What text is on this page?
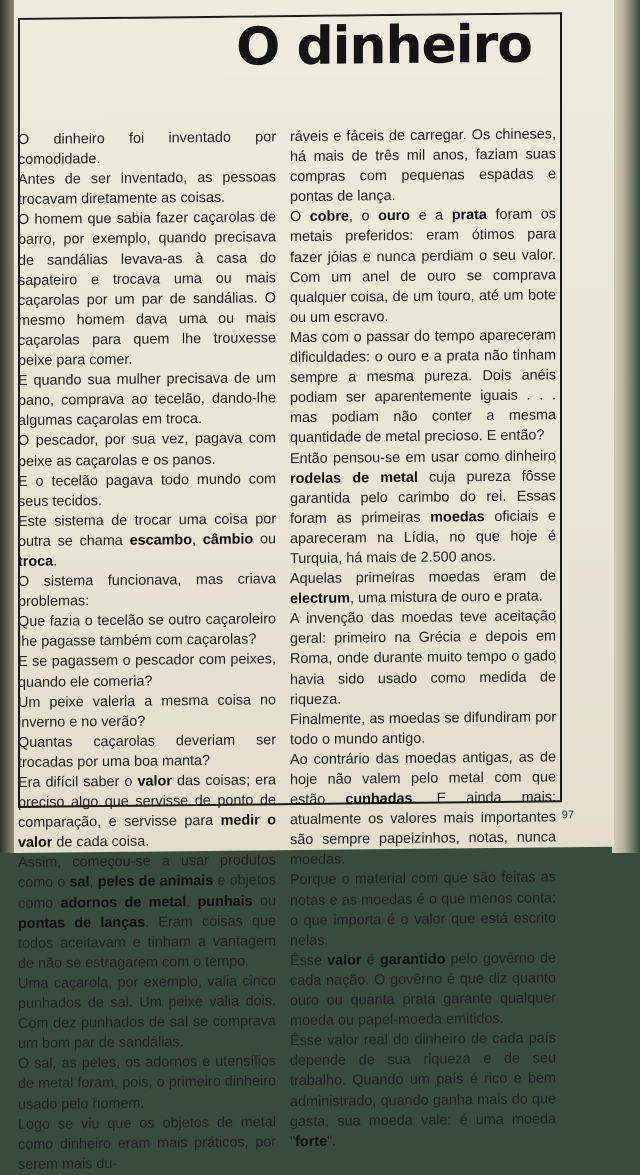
O dinheiro

O dinheiro foi inventado por comodidade.

Antes de ser inventado, as pessoas trocavam diretamente as coisas.

O homem que sabia fazer caçarolas de barro, por exemplo, quando precisava de sandálias levava-as à casa do sapateiro e trocava uma ou mais caçarolas por um par de sandálias. O mesmo homem dava uma ou mais caçarolas para quem lhe trouxesse peixe para comer.

E quando sua mulher precisava de um pano, comprava ao tecelão, dando-lhe algumas caçarolas em troca.

O pescador, por sua vez, pagava com peixe as caçarolas e os panos.

E o tecelão pagava todo mundo com seus tecidos.

Este sistema de trocar uma coisa por outra se chama escambo, câmbio ou troca.

O sistema funcionava, mas criava problemas:

Que fazia o tecelão se outro caçaroleiro lhe pagasse também com caçarolas?

E se pagassem o pescador com peixes, quando ele comeria?

Um peixe valeria a mesma coisa no inverno e no verão?

Quantas caçarolas deveriam ser trocadas por uma boa manta?

Era difícil saber o valor das coisas; era preciso algo que servisse de ponto de comparação, e servisse para medir o valor de cada coisa.

Assim, começou-se a usar produtos como o sal, peles de animais e objetos como adornos de metal, punhais ou pontas de lanças. Eram coisas que todos aceitavam e tinham a vantagem de não se estragarem com o tempo.

Uma caçarola, por exemplo, valia cinco punhados de sal. Um peixe valia dois. Com dez punhados de sal se comprava um bom par de sandálias.

O sal, as peles, os adornos e utensílios de metal foram, pois, o primeiro dinheiro usado pelo homem.

Logo se viu que os objetos de metal como dinheiro eram mais práticos, por serem mais du-

ráveis e fáceis de carregar. Os chineses, há mais de três mil anos, faziam suas compras com pequenas espadas e pontas de lança.

O cobre, o ouro e a prata foram os metais preferidos: eram ótimos para fazer jóias e nunca perdiam o seu valor. Com um anel de ouro se comprava qualquer coisa, de um touro, até um bote ou um escravo.

Mas com o passar do tempo apareceram dificuldades: o ouro e a prata não tinham sempre a mesma pureza. Dois anéis podiam ser aparentemente iguais . . . mas podiam não conter a mesma quantidade de metal precioso. E então?

Então pensou-se em usar como dinheiro rodelas de metal cuja pureza fôsse garantida pelo carimbo do rei. Essas foram as primeiras moedas oficiais e apareceram na Lídia, no que hoje é Turquia, há mais de 2.500 anos.

Aquelas primeiras moedas eram de electrum, uma mistura de ouro e prata.

A invenção das moedas teve aceitação geral: primeiro na Grécia e depois em Roma, onde durante muito tempo o gado havia sido usado como medida de riqueza.

Finalmente, as moedas se difundiram por todo o mundo antigo.

Ao contrário das moedas antigas, as de hoje não valem pelo metal com que estão cunhadas. E ainda mais: atualmente os valores mais importantes são sempre papeizinhos, notas, nunca moedas.

Porque o material com que são feitas as notas e as moedas é o que menos conta: o que importa é o valor que está escrito nelas.

Êsse valor é garantido pelo govêrno de cada nação. O govêrno é que diz quanto ouro ou quanta prata garante qualquer moeda ou papel-moeda emitidos.

Êsse valor real do dinheiro de cada país depende de sua riqueza e de seu trabalho. Quando um país é rico e bem administrado, quando ganha mais do que gasta, sua moeda vale: é uma moeda "forte".

97
